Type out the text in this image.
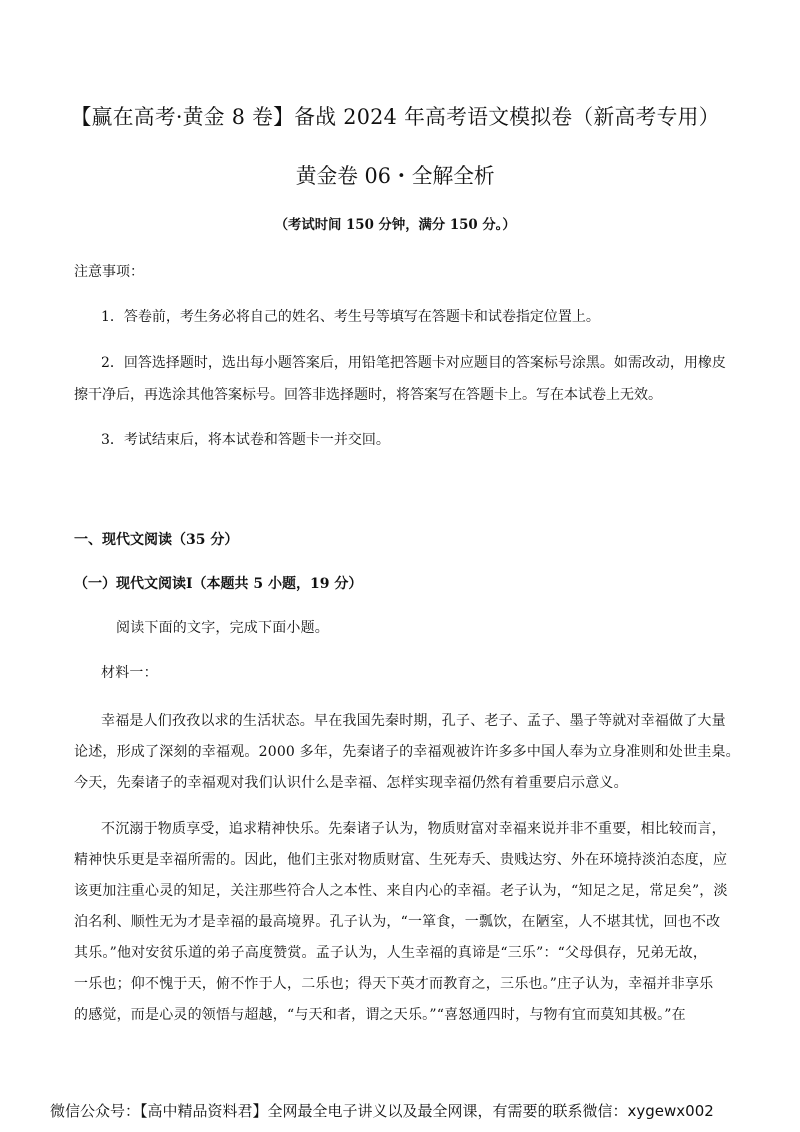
【赢在高考·黄金 8 卷】备战 2024 年高考语文模拟卷（新高考专用）
黄金卷 06・全解全析
（考试时间 150 分钟，满分 150 分。）
注意事项：
1．答卷前，考生务必将自己的姓名、考生号等填写在答题卡和试卷指定位置上。
2．回答选择题时，选出每小题答案后，用铅笔把答题卡对应题目的答案标号涂黑。如需改动，用橡皮
擦干净后，再选涂其他答案标号。回答非选择题时，将答案写在答题卡上。写在本试卷上无效。
3．考试结束后，将本试卷和答题卡一并交回。
一、现代文阅读（35 分）
（一）现代文阅读Ⅰ（本题共 5 小题，19 分）
阅读下面的文字，完成下面小题。
材料一：
幸福是人们孜孜以求的生活状态。早在我国先秦时期，孔子、老子、孟子、墨子等就对幸福做了大量
论述，形成了深刻的幸福观。2000 多年，先秦诸子的幸福观被许许多多中国人奉为立身准则和处世圭臬。
今天，先秦诸子的幸福观对我们认识什么是幸福、怎样实现幸福仍然有着重要启示意义。
不沉溺于物质享受，追求精神快乐。先秦诸子认为，物质财富对幸福来说并非不重要，相比较而言，
精神快乐更是幸福所需的。因此，他们主张对物质财富、生死寿夭、贵贱达穷、外在环境持淡泊态度，应
该更加注重心灵的知足，关注那些符合人之本性、来自内心的幸福。老子认为，“知足之足，常足矣”，淡
泊名利、顺性无为才是幸福的最高境界。孔子认为，“一箪食，一瓢饮，在陋室，人不堪其忧，回也不改
其乐。”他对安贫乐道的弟子高度赞赏。孟子认为，人生幸福的真谛是“三乐”：“父母俱存，兄弟无故，
一乐也；仰不愧于天，俯不怍于人，二乐也；得天下英才而教育之，三乐也。”庄子认为，幸福并非享乐
的感觉，而是心灵的领悟与超越，“与天和者，谓之天乐。”“喜怒通四时，与物有宜而莫知其极。”在
微信公众号：【高中精品资料君】全网最全电子讲义以及最全网课，有需要的联系微信：xygewx002
